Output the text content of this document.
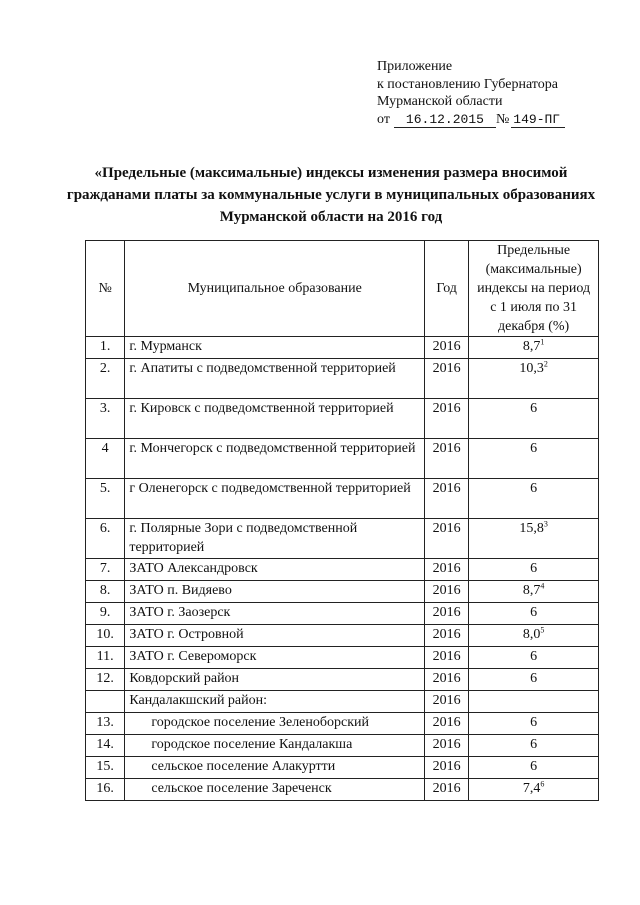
Приложение
к постановлению Губернатора
Мурманской области
от 16.12.2015 № 149-ПГ
«Предельные (максимальные) индексы изменения размера вносимой гражданами платы за коммунальные услуги в муниципальных образованиях Мурманской области на 2016 год
№	Муниципальное образование	Год	Предельные (максимальные) индексы на период с 1 июля по 31 декабря (%)
1.	г. Мурманск	2016	$8,7^1$
2.	г. Апатиты с подведомственной территорией	2016	10,3$^2$
3.	г. Кировск с подведомственной территорией	2016	6
4	г. Мончегорск с подведомственной территорией	2016	6
5.	г Оленегорск с подведомственной территорией	2016	6
6.	г. Полярные Зори с подведомственной территорией	2016	15,8$^3$
7.	ЗАТО Александровск	2016	6
8.	ЗАТО п. Видяево	2016	$8,7^4$
9.	ЗАТО г. Заозерск	2016	6
10.	ЗАТО г. Островной	2016	$8,0^5$
11.	ЗАТО г. Североморск	2016	6
12.	Ковдорский район	2016	6
	Кандалакшский район:	2016	
13.	городское поселение Зеленоборский	2016	6
14.	городское поселение Кандалакша	2016	6
15.	сельское поселение Алакуртти	2016	6
16.	сельское поселение Зареченск	2016	$7,4^6$
